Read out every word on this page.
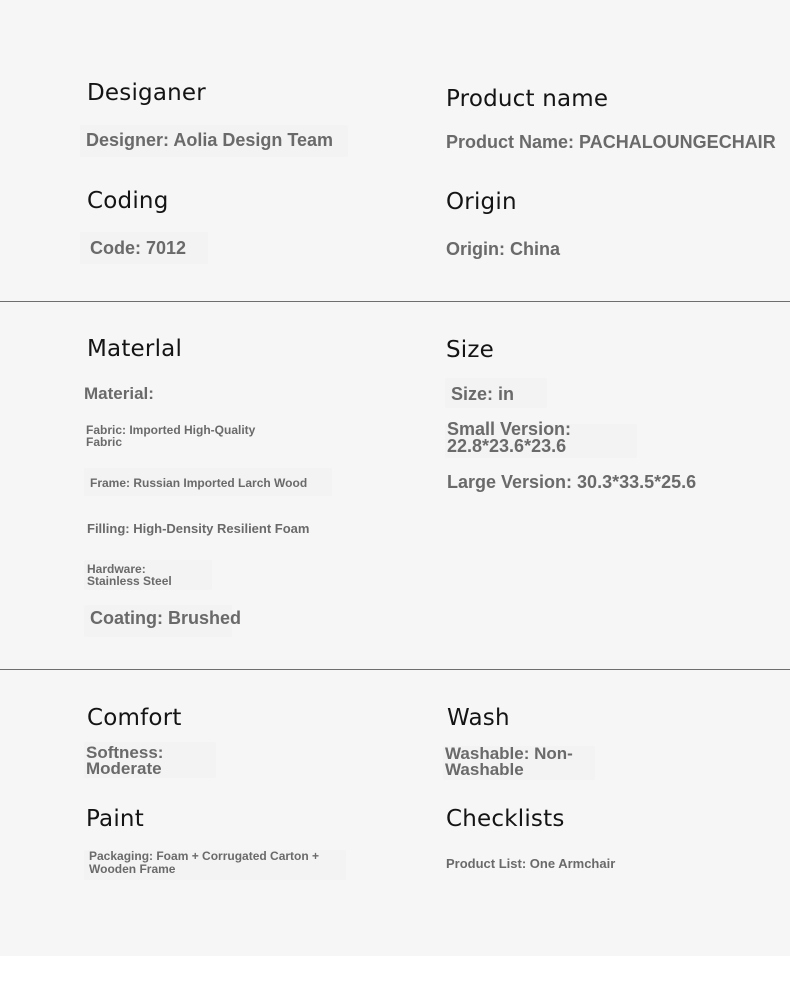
Desiganer
Designer: Aolia Design Team
Product name
Product Name: PACHALOUNGECHAIR
Coding
Code: 7012
Origin
Origin: China
Materlal
Material:
Fabric: Imported High-Quality Fabric
Frame: Russian Imported Larch Wood
Filling: High-Density Resilient Foam
Hardware: Stainless Steel
Coating: Brushed
Size
Size: in
Small Version: 22.8*23.6*23.6
Large Version: 30.3*33.5*25.6
Comfort
Softness: Moderate
Wash
Washable: Non-Washable
Paint
Packaging: Foam + Corrugated Carton + Wooden Frame
Checklists
Product List: One Armchair
